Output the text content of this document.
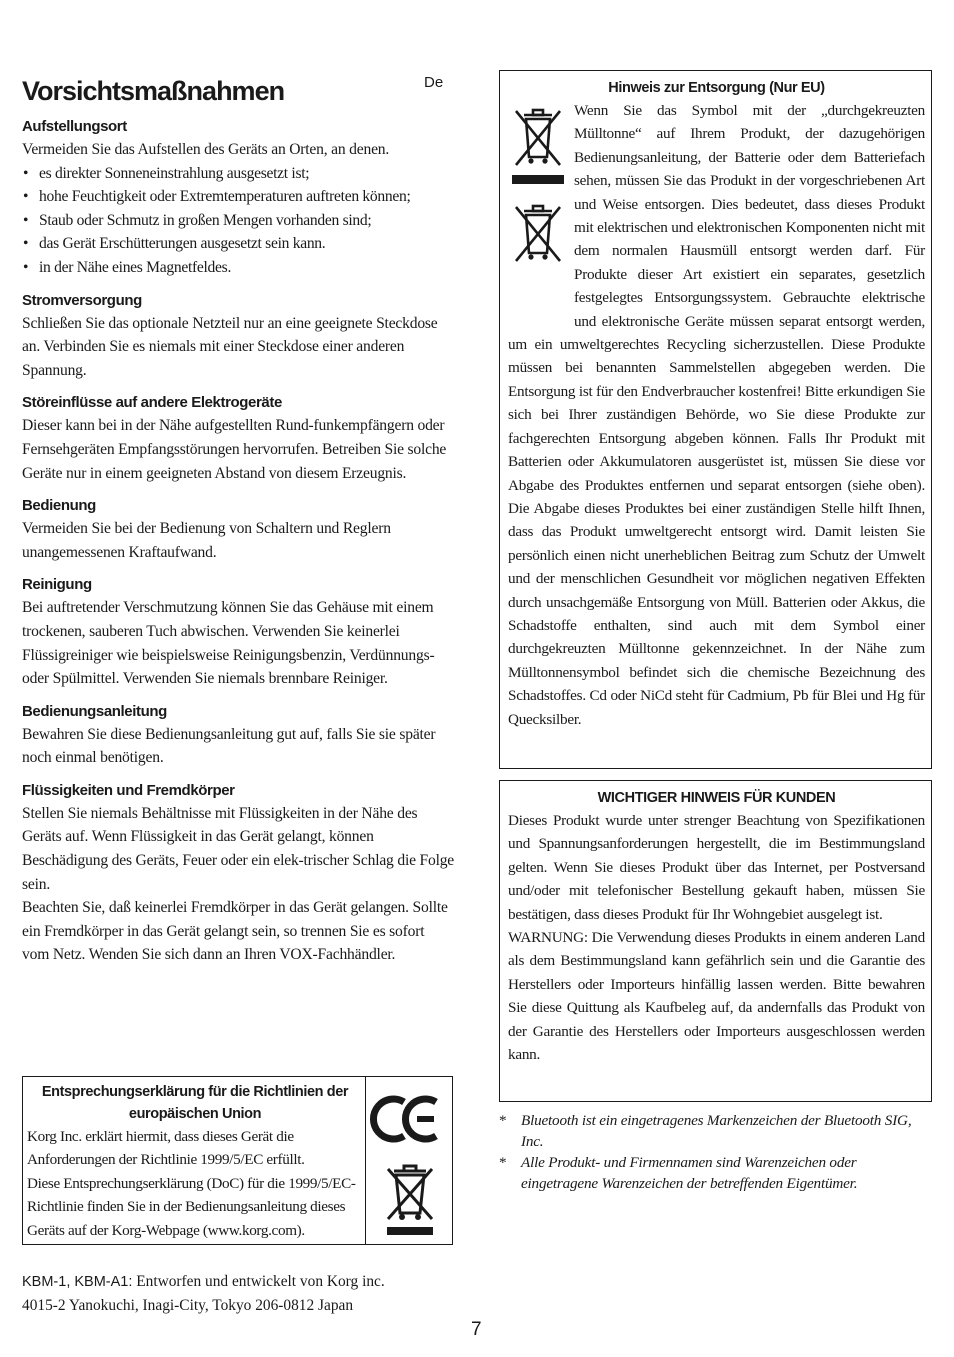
Vorsichtsmaßnahmen
Aufstellungsort
Vermeiden Sie das Aufstellen des Geräts an Orten, an denen.
• es direkter Sonneneinstrahlung ausgesetzt ist;
• hohe Feuchtigkeit oder Extremtemperaturen auftreten können;
• Staub oder Schmutz in großen Mengen vorhanden sind;
• das Gerät Erschütterungen ausgesetzt sein kann.
• in der Nähe eines Magnetfeldes.
Stromversorgung
Schließen Sie das optionale Netzteil nur an eine geeignete Steckdose an. Verbinden Sie es niemals mit einer Steckdose einer anderen Spannung.
Störeinflüsse auf andere Elektrogeräte
Dieser kann bei in der Nähe aufgestellten Rund-funkempfängern oder Fernsehgeräten Empfangsstörungen hervorrufen. Betreiben Sie solche Geräte nur in einem geeigneten Abstand von diesem Erzeugnis.
Bedienung
Vermeiden Sie bei der Bedienung von Schaltern und Reglern unangemessenen Kraftaufwand.
Reinigung
Bei auftretender Verschmutzung können Sie das Gehäuse mit einem trockenen, sauberen Tuch abwischen. Verwenden Sie keinerlei Flüssigreiniger wie beispielsweise Reinigungsbenzin, Verdünnungs- oder Spülmittel. Verwenden Sie niemals brennbare Reiniger.
Bedienungsanleitung
Bewahren Sie diese Bedienungsanleitung gut auf, falls Sie sie später noch einmal benötigen.
Flüssigkeiten und Fremdkörper
Stellen Sie niemals Behältnisse mit Flüssigkeiten in der Nähe des Geräts auf. Wenn Flüssigkeit in das Gerät gelangt, können Beschädigung des Geräts, Feuer oder ein elek-trischer Schlag die Folge sein.
Beachten Sie, daß keinerlei Fremdkörper in das Gerät gelangen. Sollte ein Fremdkörper in das Gerät gelangt sein, so trennen Sie es sofort vom Netz. Wenden Sie sich dann an Ihren VOX-Fachhändler.
De
Entsprechungserklärung für die Richtlinien der europäischen Union
Korg Inc. erklärt hiermit, dass dieses Gerät die Anforderungen der Richtlinie 1999/5/EC erfüllt.
Diese Entsprechungserklärung (DoC) für die 1999/5/EC-Richtlinie finden Sie in der Bedienungsanleitung dieses Geräts auf der Korg-Webpage (www.korg.com).
Hinweis zur Entsorgung (Nur EU)
Wenn Sie das Symbol mit der „durchgekreuzten Mülltonne“ auf Ihrem Produkt, der dazugehörigen Bedienungsanleitung, der Batterie oder dem Batteriefach sehen, müssen Sie das Produkt in der vorgeschriebenen Art und Weise entsorgen. Dies bedeutet, dass dieses Produkt mit elektrischen und elektronischen Komponenten nicht mit dem normalen Hausmüll entsorgt werden darf. Für Produkte dieser Art existiert ein separates, gesetzlich festgelegtes Entsorgungssystem. Gebrauchte elektrische und elektronische Geräte müssen separat entsorgt werden, um ein umweltgerechtes Recycling sicherzustellen. Diese Produkte müssen bei benannten Sammelstellen abgegeben werden. Die Entsorgung ist für den Endverbraucher kostenfrei! Bitte erkundigen Sie sich bei Ihrer zuständigen Behörde, wo Sie diese Produkte zur fachgerechten Entsorgung abgeben können. Falls Ihr Produkt mit Batterien oder Akkumulatoren ausgerüstet ist, müssen Sie diese vor Abgabe des Produktes entfernen und separat entsorgen (siehe oben). Die Abgabe dieses Produktes bei einer zuständigen Stelle hilft Ihnen, dass das Produkt umweltgerecht entsorgt wird. Damit leisten Sie persönlich einen nicht unerheblichen Beitrag zum Schutz der Umwelt und der menschlichen Gesundheit vor möglichen negativen Effekten durch unsachgemäße Entsorgung von Müll. Batterien oder Akkus, die Schadstoffe enthalten, sind auch mit dem Symbol einer durchgekreuzten Mülltonne gekennzeichnet. In der Nähe zum Mülltonnensymbol befindet sich die chemische Bezeichnung des Schadstoffes. Cd oder NiCd steht für Cadmium, Pb für Blei und Hg für Quecksilber.
WICHTIGER HINWEIS FÜR KUNDEN
Dieses Produkt wurde unter strenger Beachtung von Spezifikationen und Spannungsanforderungen hergestellt, die im Bestimmungsland gelten. Wenn Sie dieses Produkt über das Internet, per Postversand und/oder mit telefonischer Bestellung gekauft haben, müssen Sie bestätigen, dass dieses Produkt für Ihr Wohngebiet ausgelegt ist.
WARNUNG: Die Verwendung dieses Produkts in einem anderen Land als dem Bestimmungsland kann gefährlich sein und die Garantie des Herstellers oder Importeurs hinfällig lassen werden. Bitte bewahren Sie diese Quittung als Kaufbeleg auf, da andernfalls das Produkt von der Garantie des Herstellers oder Importeurs ausgeschlossen werden kann.
* Bluetooth ist ein eingetragenes Markenzeichen der Bluetooth SIG, Inc.
* Alle Produkt- und Firmennamen sind Warenzeichen oder eingetragene Warenzeichen der betreffenden Eigentümer.
KBM-1, KBM-A1: Entworfen und entwickelt von Korg inc.
4015-2 Yanokuchi, Inagi-City, Tokyo 206-0812 Japan
7
